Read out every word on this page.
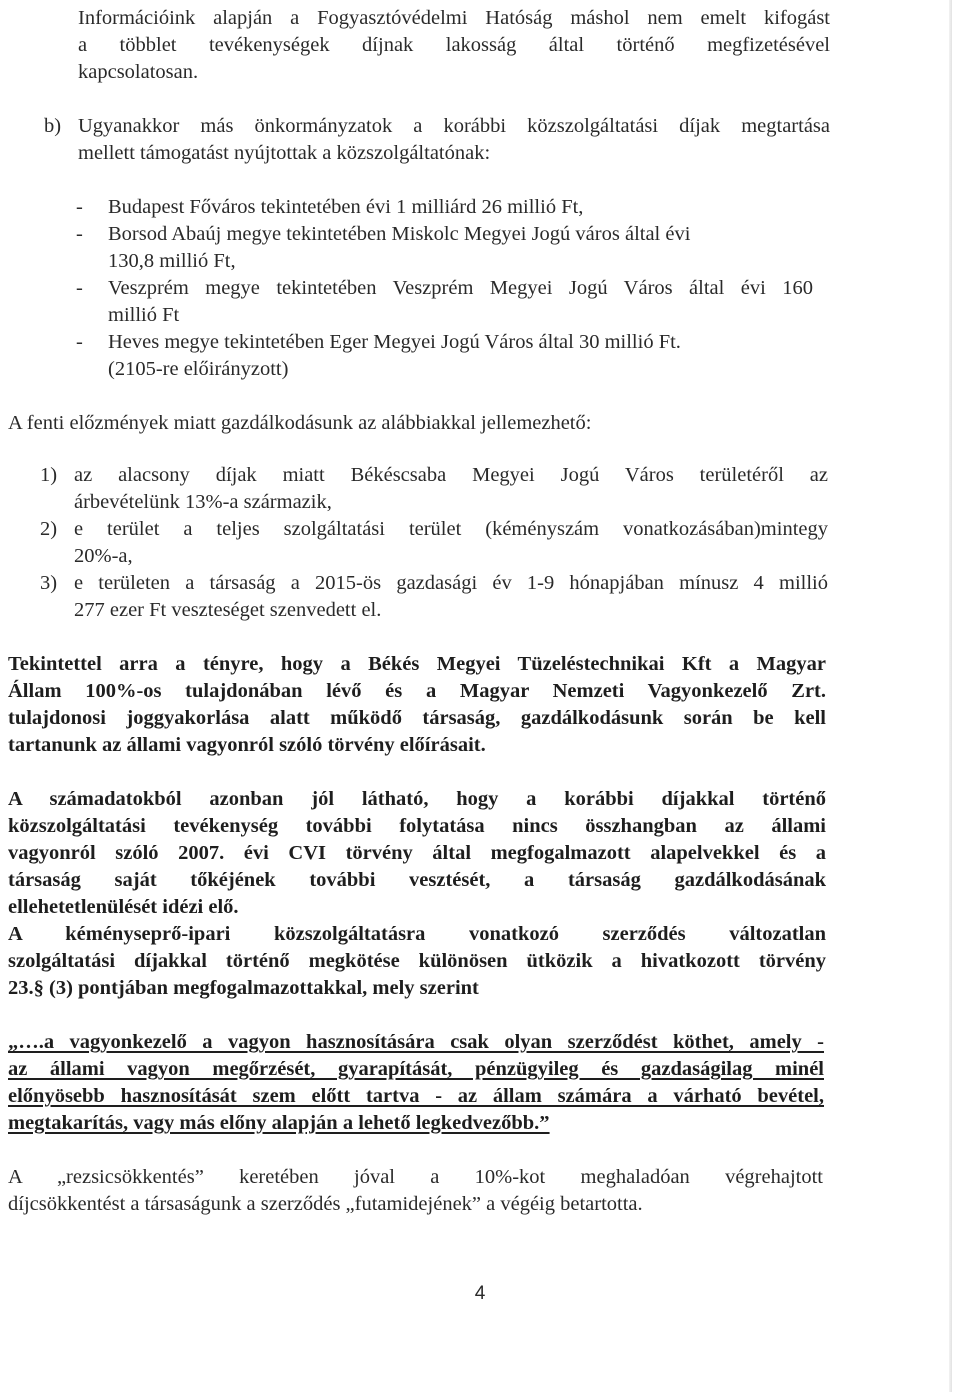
Információink alapján a Fogyasztóvédelmi Hatóság máshol nem emelt kifogást
a többlet tevékenységek díjnak lakosság által történő megfizetésével
kapcsolatosan.
b) Ugyanakkor más önkormányzatok a korábbi közszolgáltatási díjak megtartása
mellett támogatást nyújtottak a közszolgáltatónak:
-	Budapest Főváros tekintetében évi 1 milliárd 26 millió Ft,
-	Borsod Abaúj megye tekintetében Miskolc Megyei Jogú város által évi
130,8 millió Ft,
-	Veszprém megye tekintetében Veszprém Megyei Jogú Város által évi 160
millió Ft
-	Heves megye tekintetében Eger Megyei Jogú Város által 30 millió Ft.
(2105-re előirányzott)
A fenti előzmények miatt gazdálkodásunk az alábbiakkal jellemezhető:
1) az alacsony díjak miatt Békéscsaba Megyei Jogú Város területéről az
árbevételünk 13%-a származik,
2) e terület a teljes szolgáltatási terület (kéményszám vonatkozásában)mintegy
20%-a,
3) e területen a társaság a 2015-ös gazdasági év 1-9 hónapjában mínusz 4 millió
277 ezer Ft veszteséget szenvedett el.
Tekintettel arra a tényre, hogy a Békés Megyei Tüzeléstechnikai Kft a Magyar
Állam 100%-os tulajdonában lévő és a Magyar Nemzeti Vagyonkezelő Zrt.
tulajdonosi joggyakorlása alatt működő társaság, gazdálkodásunk során be kell
tartanunk az állami vagyonról szóló törvény előírásait.
A számadatokból azonban jól látható, hogy a korábbi díjakkal történő
közszolgáltatási tevékenység további folytatása nincs összhangban az állami
vagyonról szóló 2007. évi CVI törvény által megfogalmazott alapelvekkel és a
társaság saját tőkéjének további vesztését, a társaság gazdálkodásának
ellehetetlenülését idézi elő.
A kéményseprő-ipari közszolgáltatásra vonatkozó szerződés változatlan
szolgáltatási díjakkal történő megkötése különösen ütközik a hivatkozott törvény
23.§ (3) pontjában megfogalmazottakkal, mely szerint
„….a vagyonkezelő a vagyon hasznosítására csak olyan szerződést köthet, amely -
az állami vagyon megőrzését, gyarapítását, pénzügyileg és gazdaságilag minél
előnyösebb hasznosítását szem előtt tartva - az állam számára a várható bevétel,
megtakarítás, vagy más előny alapján a lehető legkedvezőbb.”
A „rezsicsökkentés” keretében jóval a 10%-kot meghaladóan végrehajtott
díjcsökkentést a társaságunk a szerződés „futamidejének” a végéig betartotta.
4
